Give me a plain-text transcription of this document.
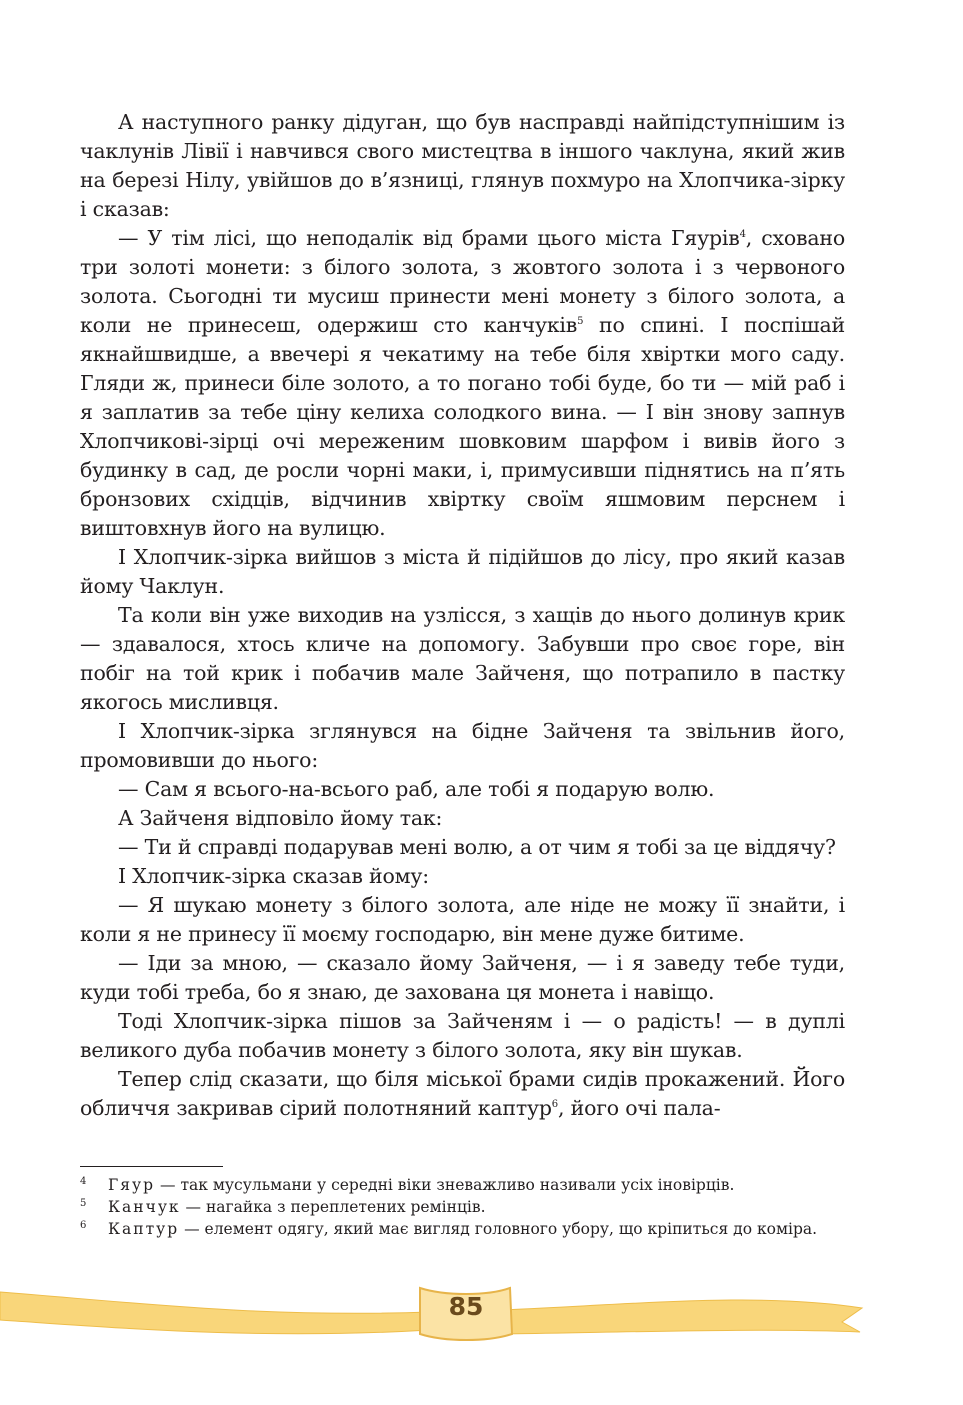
А наступного ранку дідуган, що був насправді найпідступнішим із чаклунів Лівії і навчився свого мистецтва в іншого чаклуна, який жив на березі Нілу, увійшов до в’язниці, глянув похмуро на Хлопчика-зірку і сказав:

— У тім лісі, що неподалік від брами цього міста Гяурів$^4$, сховано три золоті монети: з білого золота, з жовтого золота і з червоного золота. Сьогодні ти мусиш принести мені монету з білого золота, а коли не принесеш, одержиш сто канчуків$^5$ по спині. І поспішай якнайшвидше, а ввечері я чекатиму на тебе біля хвіртки мого саду. Гляди ж, принеси біле золото, а то погано тобі буде, бо ти — мій раб і я заплатив за тебе ціну келиха солодкого вина. — І він знову запнув Хлопчикові-зірці очі мереженим шовковим шарфом і вивів його з будинку в сад, де росли чорні маки, і, примусивши піднятись на п’ять бронзових східців, відчинив хвіртку своїм яшмовим перснем і виштовхнув його на вулицю.

І Хлопчик-зірка вийшов з міста й підійшов до лісу, про який казав йому Чаклун.

Та коли він уже виходив на узлісся, з хащів до нього долинув крик — здавалося, хтось кличе на допомогу. Забувши про своє горе, він побіг на той крик і побачив мале Зайченя, що потрапило в пастку якогось мисливця.

І Хлопчик-зірка зглянувся на бідне Зайченя та звільнив його, промовивши до нього:

— Сам я всього-на-всього раб, але тобі я подарую волю.

А Зайченя відповіло йому так:

— Ти й справді подарував мені волю, а от чим я тобі за це віддячу?

І Хлопчик-зірка сказав йому:

— Я шукаю монету з білого золота, але ніде не можу її знайти, і коли я не принесу її моєму господарю, він мене дуже битиме.

— Іди за мною, — сказало йому Зайченя, — і я заведу тебе туди, куди тобі треба, бо я знаю, де захована ця монета і навіщо.

Тоді Хлопчик-зірка пішов за Зайченям і — о радість! — в дуплі великого дуба побачив монету з білого золота, яку він шукав.

Тепер слід сказати, що біля міської брами сидів прокажений. Його обличчя закривав сірий полотняний каптур$^6$, його очі пала-

4 Гяур — так мусульмани у середні віки зневажливо називали усіх іновірців.
5 Канчук — нагайка з переплетених ремінців.
6 Каптур — елемент одягу, який має вигляд головного убору, що кріпиться до коміра.
85
